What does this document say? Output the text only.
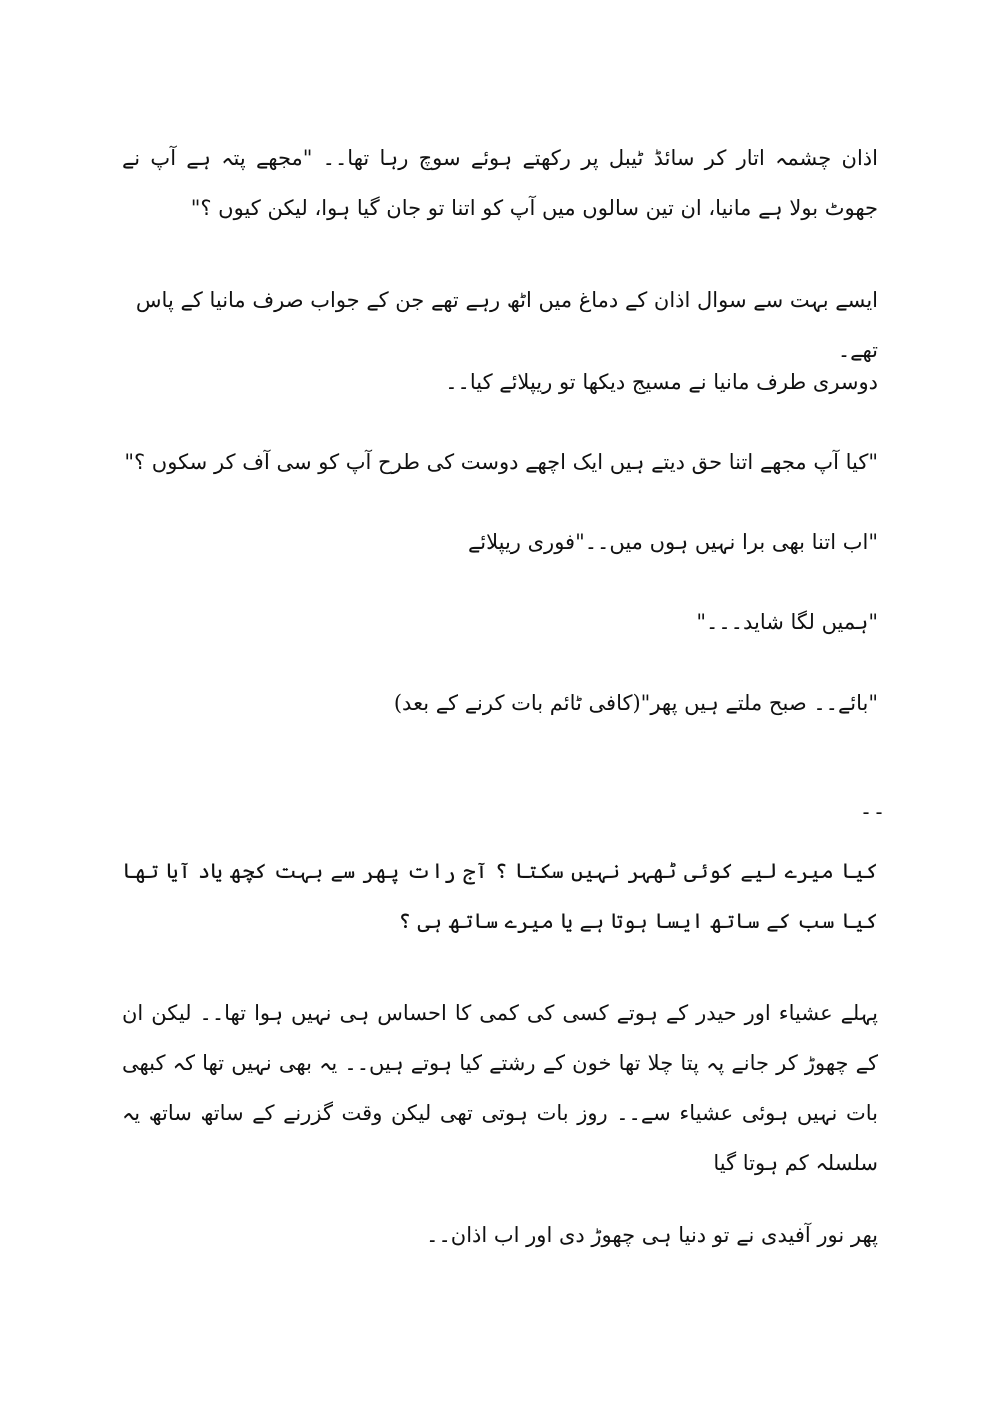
اذان چشمہ اتار کر سائڈ ٹیبل پر رکھتے ہوئے سوچ رہا تھا۔۔ "مجھے پتہ ہے آپ نے جھوٹ بولا ہے مانیا، ان تین سالوں میں آپ کو اتنا تو جان گیا ہوا، لیکن کیوں ؟"

ایسے بہت سے سوال اذان کے دماغ میں اٹھ رہے تھے جن کے جواب صرف مانیا کے پاس تھے۔

دوسری طرف مانیا نے مسیج دیکھا تو ریپلائے کیا۔۔

"کیا آپ مجھے اتنا حق دیتے ہیں ایک اچھے دوست کی طرح آپ کو سی آف کر سکوں ؟"

"اب اتنا بھی برا نہیں ہوں میں۔۔"فوری ریپلائے

"ہمیں لگا شاید۔۔۔"

"بائے۔۔ صبح ملتے ہیں پھر"(کافی ٹائم بات کرنے کے بعد)

--

کیا میرے لیے کوئی ٹھہر نہیں سکتا ؟ آج رات پھر سے بہت کچھ یاد آیا تھا کیا سب کے ساتھ ایسا ہوتا ہے یا میرے ساتھ ہی ؟

پہلے عشیاء اور حیدر کے ہوتے کسی کی کمی کا احساس ہی نہیں ہوا تھا۔۔ لیکن ان کے چھوڑ کر جانے پہ پتا چلا تھا خون کے رشتے کیا ہوتے ہیں۔۔ یہ بھی نہیں تھا کہ کبھی بات نہیں ہوئی عشیاء سے۔۔ روز بات ہوتی تھی لیکن وقت گزرنے کے ساتھ ساتھ یہ سلسلہ کم ہوتا گیا

پھر نور آفیدی نے تو دنیا ہی چھوڑ دی اور اب اذان۔۔
